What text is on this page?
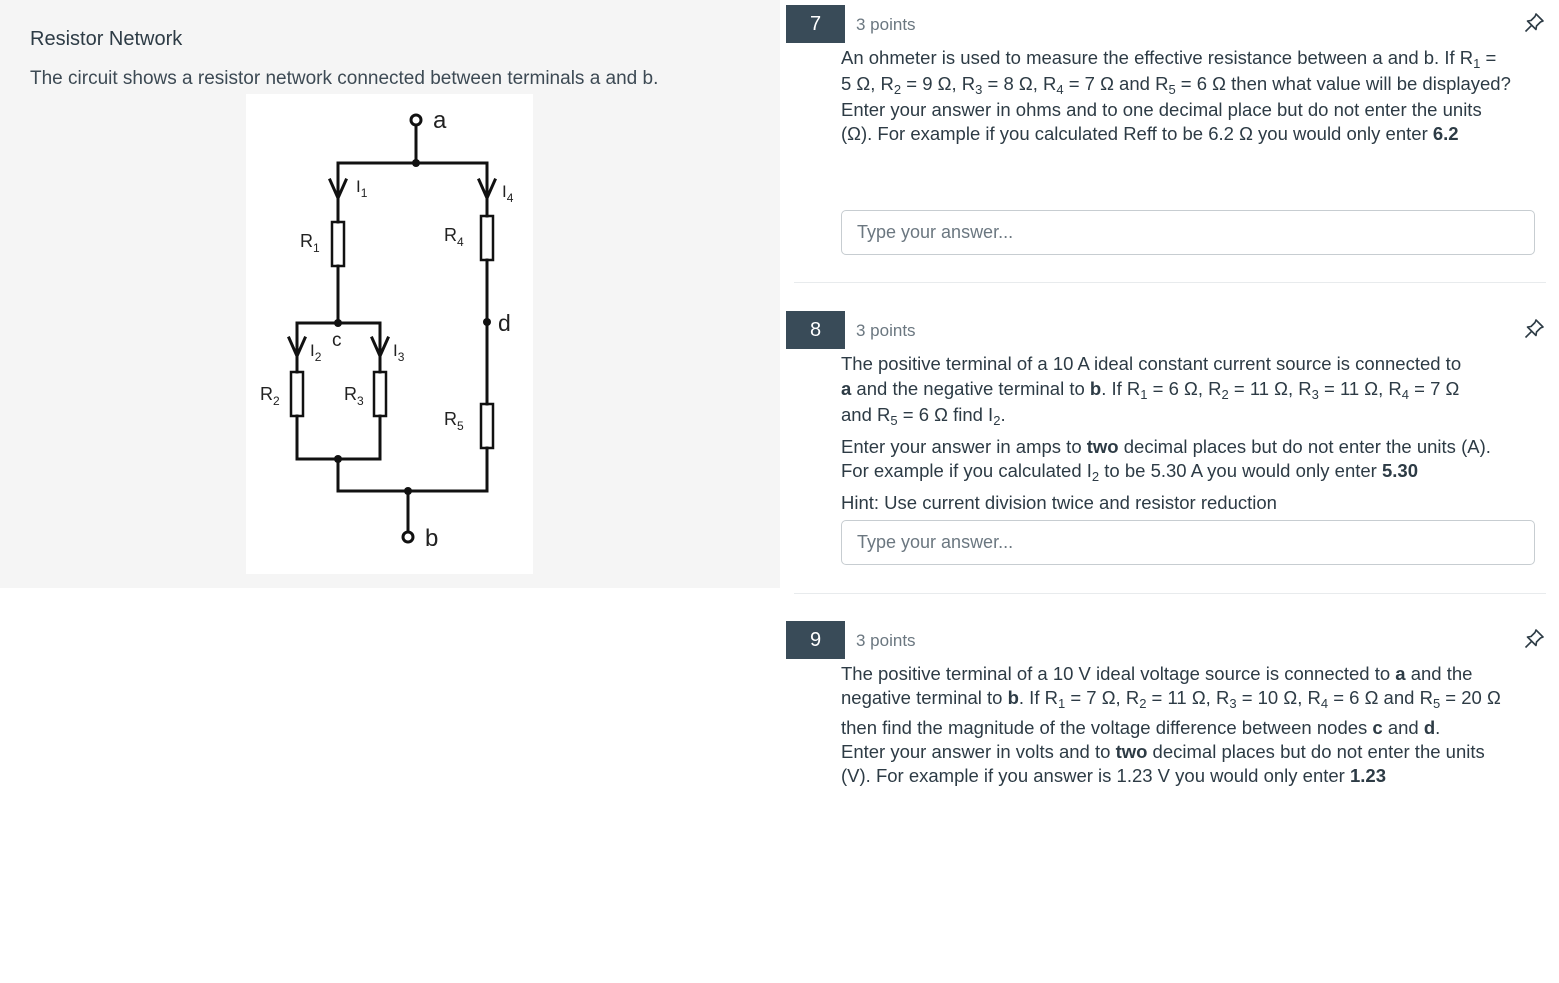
Resistor Network
The circuit shows a resistor network connected between terminals a and b.
a
b
c
d
$R_1$
$R_2$	$R_3$
$R_4$
$R_5$
$I_1$	$I_4$
$I_2$	$I_3$
7	3 points

An ohmeter is used to measure the effective resistance between a and b. If $R_1$ =

5 Ω, $R_2 = 9$ Ω, $R_3 = 8$ Ω, $R_4 = 7$ Ω and $R_5 = 6$ Ω then what value will be displayed?

Enter your answer in ohms and to one decimal place but do not enter the units

(Ω). For example if you calculated Reff to be 6.2 Ω you would only enter 6.2

Type your answer...
8	3 points

The positive terminal of a 10 A ideal constant current source is connected to

a and the negative terminal to b. If $R_1 = 6$ Ω, $R_2 = 11$ Ω, $R_3 = 11$ Ω, $R_4 = 7$ Ω

and $R_5 = 6$ Ω find $I_2$.

Enter your answer in amps to two decimal places but do not enter the units (A).

For example if you calculated $I_2$ to be 5.30 A you would only enter 5.30

Hint: Use current division twice and resistor reduction

Type your answer...
9	3 points

The positive terminal of a 10 V ideal voltage source is connected to a and the

negative terminal to b. If $R_1 = 7$ Ω, $R_2 = 11$ Ω, $R_3 = 10$ Ω, $R_4 = 6$ Ω and $R_5 = 20$ Ω

then find the magnitude of the voltage difference between nodes c and d.

Enter your answer in volts and to two decimal places but do not enter the units

(V). For example if you answer is 1.23 V you would only enter 1.23
